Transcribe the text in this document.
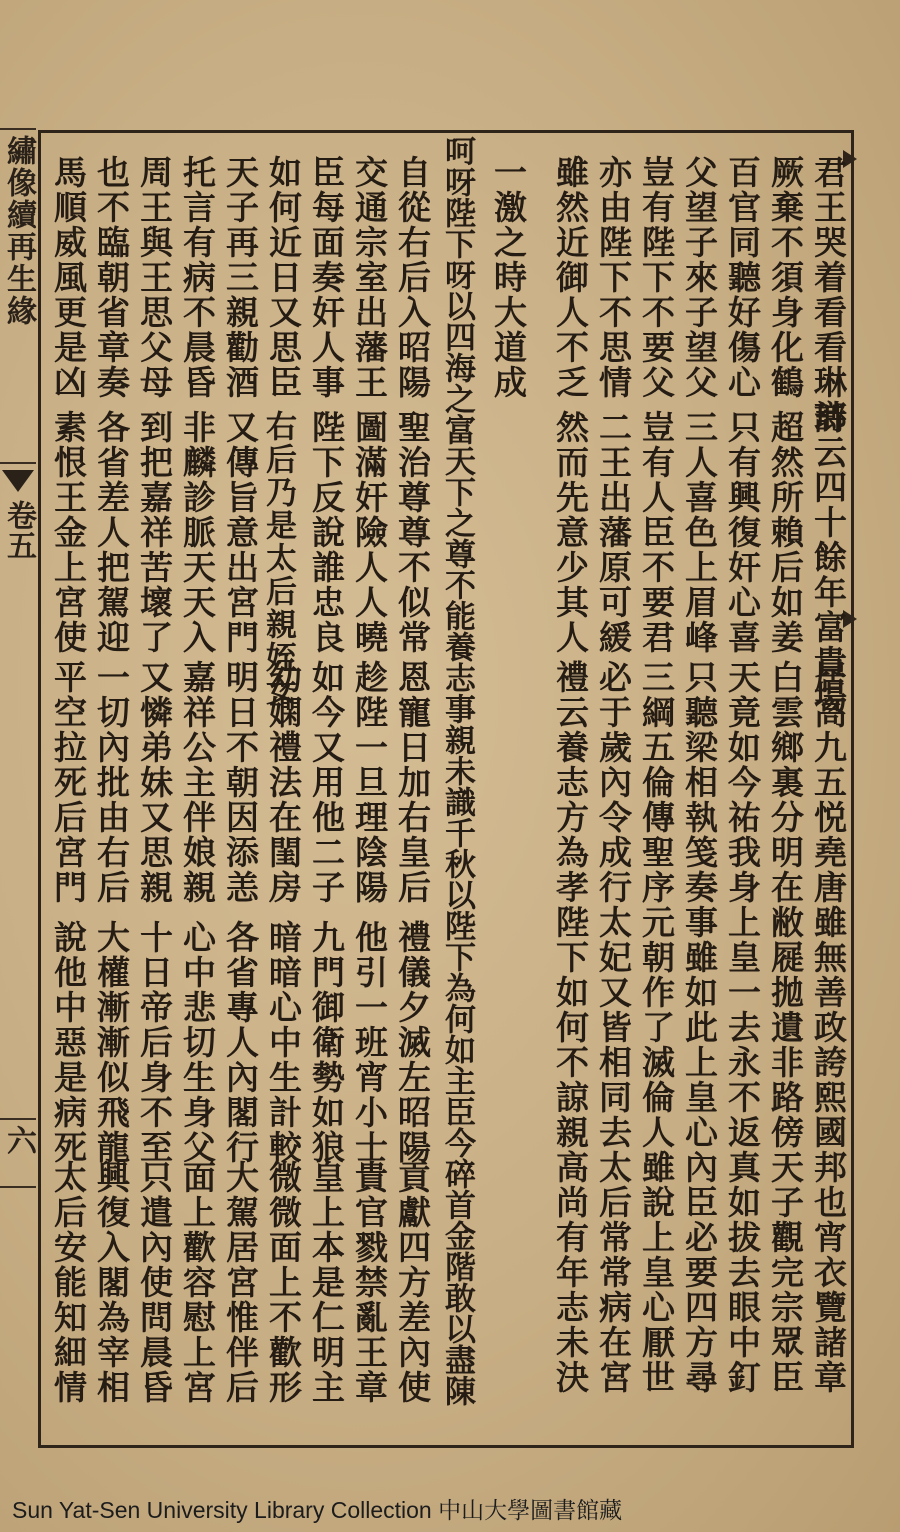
繡像續再生緣
卷五
六
君王哭着看看琳瑯
厥棄不須身化鶴
百官同聽好傷心
父望子來子望父
豈有陛下不要父
亦由陛下不思情
雖然近御人不乏
一激之時大道成
呵呀陛下呀以四海之富天下之尊不能養志事親未識千秋以陛下為何如主臣今碎首金階敢以盡陳
自從右后入昭陽
交通宗室出藩王
臣每面奏奸人事
如何近日又思臣
天子再三親勸酒
托言有病不晨昏
周王與王思父母
也不臨朝省章奏
馬順威風更是凶
詩云四十餘年富貴場
超然所賴后如姜
只有興復奸心喜
三人喜色上眉峰
豈有人臣不要君
二王出藩原可緩
然而先意少其人
聖治尊尊不似常
圖滿奸險人人曉
陛下反說誰忠良
右后乃是太后親姪女
又傳旨意出宮門
非麟診脈天天入
到把嘉祥苦壞了
各省差人把駕迎
素恨王金上宮使
居高九五悦堯唐
白雲鄉裏分明在
天竟如今祐我身
只聽梁相執笺奏
三綱五倫傳聖序
必于歲內令成行
禮云養志方為孝
恩寵日加右皇后
趁陛一旦理陰陽
如今又用他二子
幼嫻禮法在閨房
明日不朝因添恙
嘉祥公主伴娘親
又憐弟妹又思親
一切內批由右后
平空拉死后宮門
雖無善政誇熙國
敝屣拋遺非路傍
上皇一去永不返
事雖如此上皇心
元朝作了滅倫人
太妃又皆相同去
陛下如何不諒親
禮儀夕滅左昭陽
他引一班宵小士
九門御衛勢如狼
暗暗心中生計較
各省專人內閣行
心中悲切生身父
十日帝后身不至
大權漸漸似飛龍
說他中惡是病死
邦也宵衣覽諸章
天子觀完宗眾臣
真如拔去眼中釘
內臣必要四方尋
雖說上皇心厭世
太后常常病在宮
高尚有年志未決
貢獻四方差內使
貴官戮禁亂王章
皇上本是仁明主
微微面上不歡形
大駕居宮惟伴后
面上歡容慰上宮
只遣內使問晨昏
興復入閣為宰相
太后安能知細情
Sun Yat-Sen University Library Collection 中山大學圖書館藏
